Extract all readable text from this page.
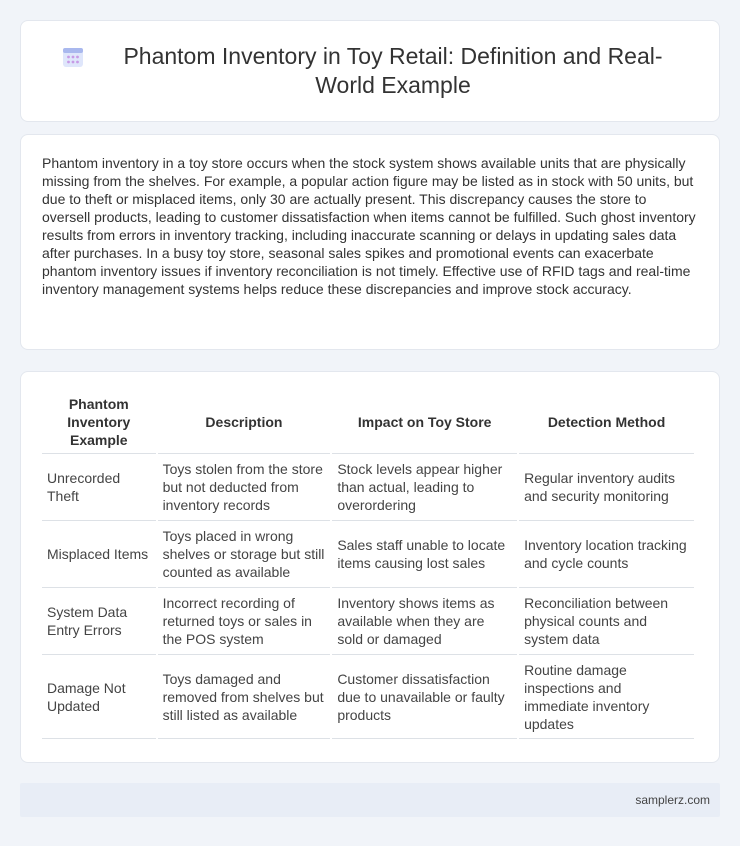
Phantom Inventory in Toy Retail: Definition and Real-World Example

Phantom inventory in a toy store occurs when the stock system shows available units that are physically missing from the shelves. For example, a popular action figure may be listed as in stock with 50 units, but due to theft or misplaced items, only 30 are actually present. This discrepancy causes the store to oversell products, leading to customer dissatisfaction when items cannot be fulfilled. Such ghost inventory results from errors in inventory tracking, including inaccurate scanning or delays in updating sales data after purchases. In a busy toy store, seasonal sales spikes and promotional events can exacerbate phantom inventory issues if inventory reconciliation is not timely. Effective use of RFID tags and real-time inventory management systems helps reduce these discrepancies and improve stock accuracy.

Phantom Inventory Example	Description	Impact on Toy Store	Detection Method
Unrecorded Theft	Toys stolen from the store but not deducted from inventory records	Stock levels appear higher than actual, leading to overordering	Regular inventory audits and security monitoring
Misplaced Items	Toys placed in wrong shelves or storage but still counted as available	Sales staff unable to locate items causing lost sales	Inventory location tracking and cycle counts
System Data Entry Errors	Incorrect recording of returned toys or sales in the POS system	Inventory shows items as available when they are sold or damaged	Reconciliation between physical counts and system data
Damage Not Updated	Toys damaged and removed from shelves but still listed as available	Customer dissatisfaction due to unavailable or faulty products	Routine damage inspections and immediate inventory updates
samplerz.com
